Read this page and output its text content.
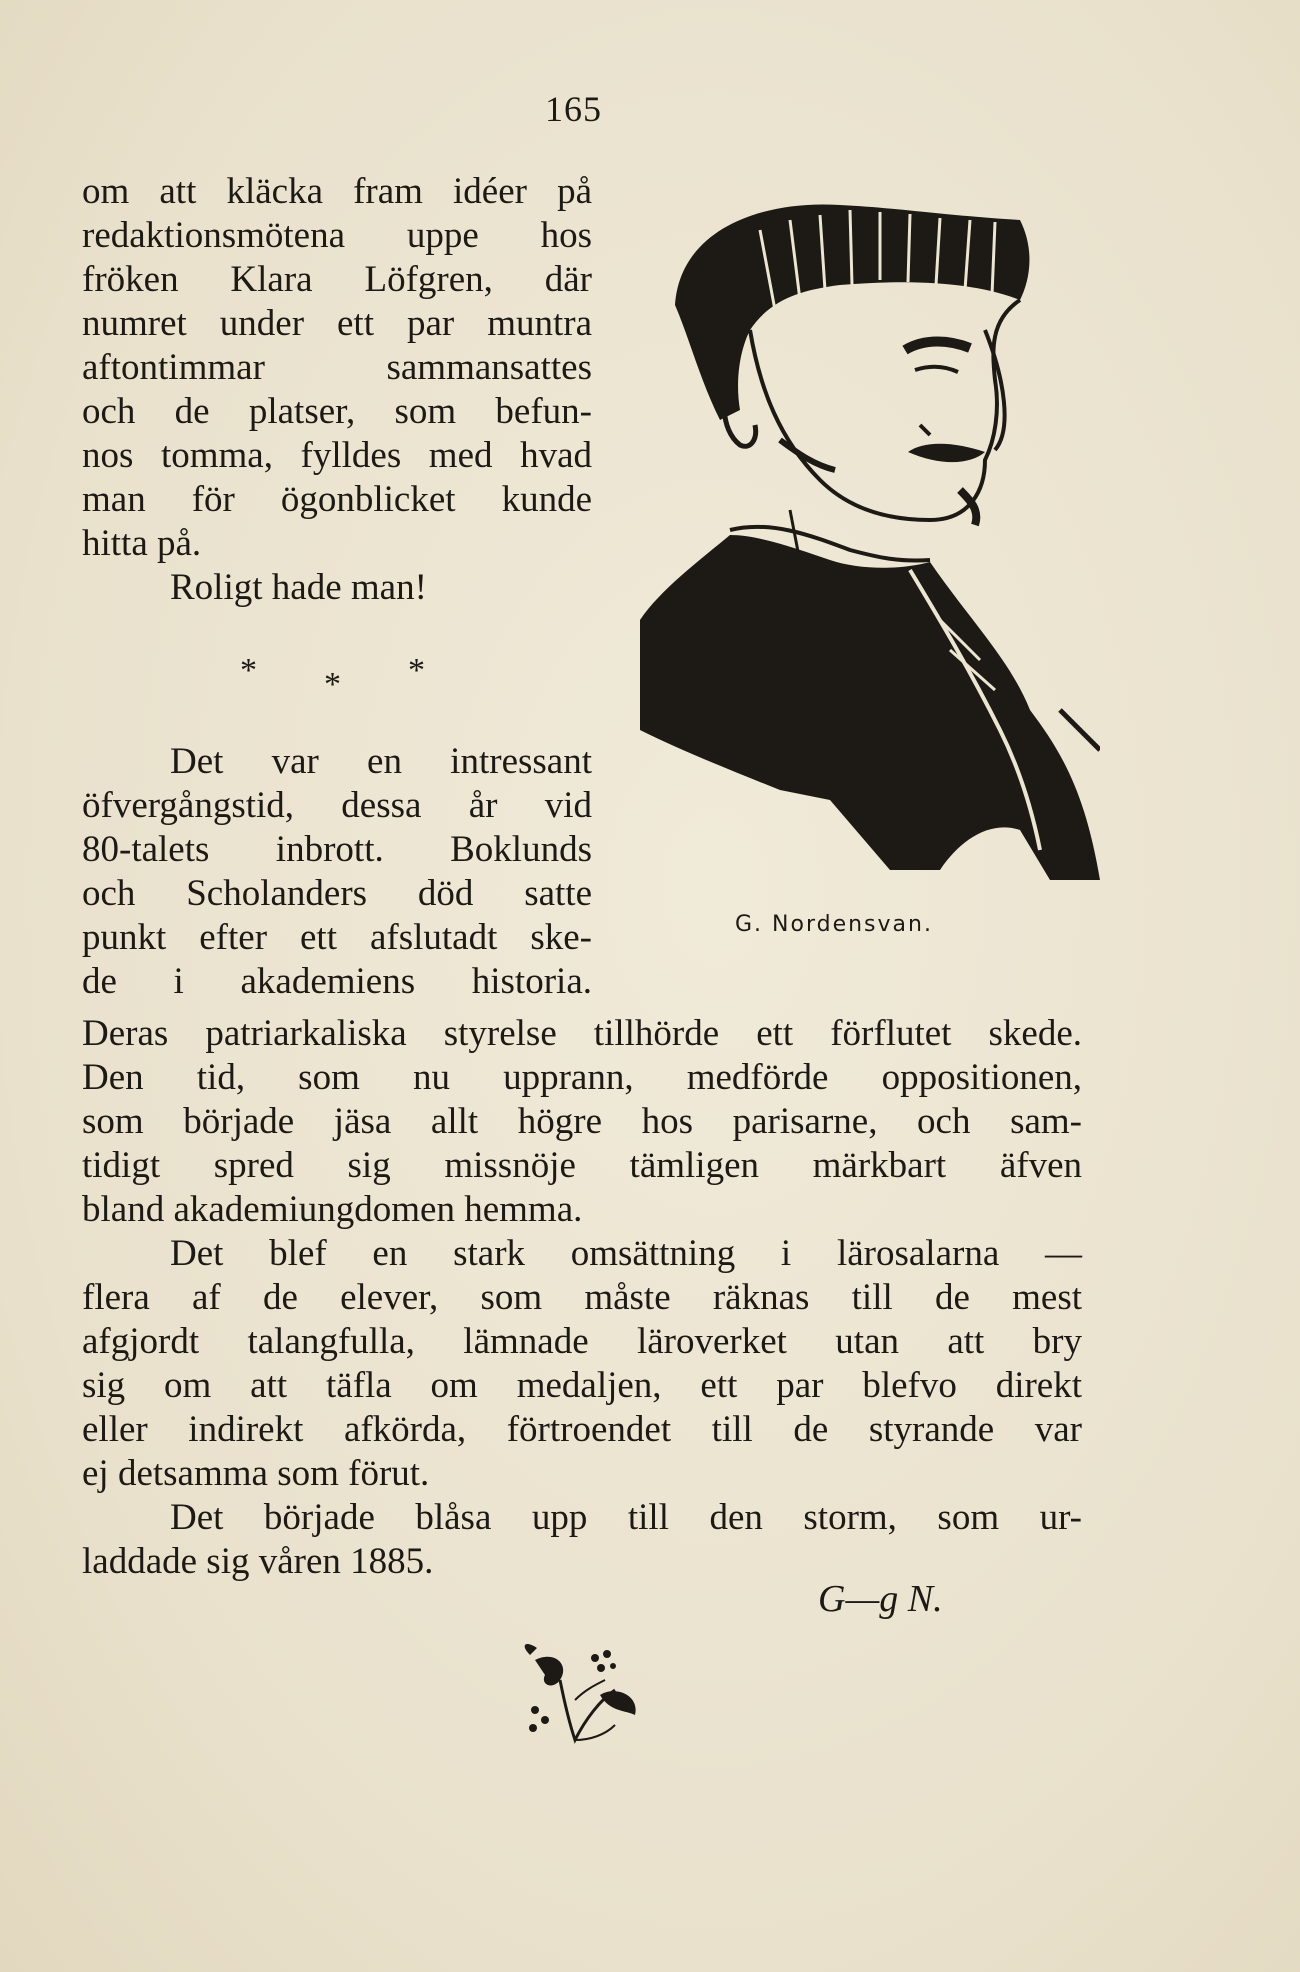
165
om att kläcka fram idéer på
redaktionsmötena uppe hos
fröken Klara Löfgren, där
numret under ett par muntra
aftontimmar sammansattes
och de platser, som befun-
nos tomma, fylldes med hvad
man för ögonblicket kunde
hitta på.
Roligt hade man!
* * *
Det var en intressant
öfvergångstid, dessa år vid
80-talets inbrott. Boklunds
och Scholanders död satte
punkt efter ett afslutadt ske-
de i akademiens historia.
Deras patriarkaliska styrelse tillhörde ett förflutet skede.
Den tid, som nu upprann, medförde oppositionen,
som började jäsa allt högre hos parisarne, och sam-
tidigt spred sig missnöje tämligen märkbart äfven
bland akademiungdomen hemma.
Det blef en stark omsättning i lärosalarna —
flera af de elever, som måste räknas till de mest
afgjordt talangfulla, lämnade läroverket utan att bry
sig om att täfla om medaljen, ett par blefvo direkt
eller indirekt afkörda, förtroendet till de styrande var
ej detsamma som förut.
Det började blåsa upp till den storm, som ur-
laddade sig våren 1885.
G. Nordensvan.
G—g N.
